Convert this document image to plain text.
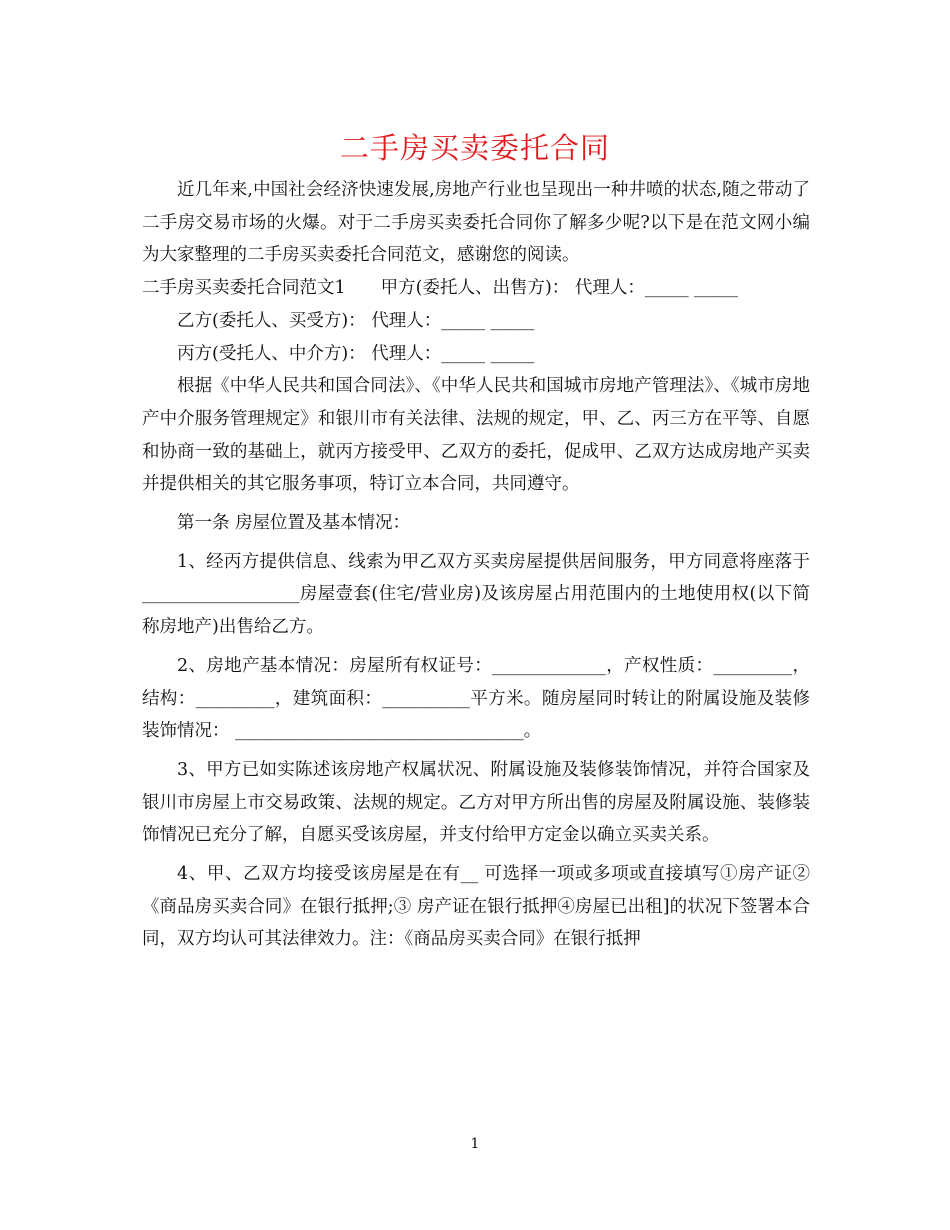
二手房买卖委托合同

近几年来,中国社会经济快速发展,房地产行业也呈现出一种井喷的状态,随之带动了二手房交易市场的火爆。对于二手房买卖委托合同你了解多少呢?以下是在范文网小编为大家整理的二手房买卖委托合同范文，感谢您的阅读。

二手房买卖委托合同范文1　　甲方(委托人、出售方)： 代理人：_____ _____

乙方(委托人、买受方)： 代理人：_____ _____

丙方(受托人、中介方)： 代理人：_____ _____

根据《中华人民共和国合同法》、《中华人民共和国城市房地产管理法》、《城市房地产中介服务管理规定》和银川市有关法律、法规的规定，甲、乙、丙三方在平等、自愿和协商一致的基础上，就丙方接受甲、乙双方的委托，促成甲、乙双方达成房地产买卖并提供相关的其它服务事项，特订立本合同，共同遵守。

第一条 房屋位置及基本情况：

1、经丙方提供信息、线索为甲乙双方买卖房屋提供居间服务，甲方同意将座落于__________________房屋壹套(住宅/营业房)及该房屋占用范围内的土地使用权(以下简称房地产)出售给乙方。

2、房地产基本情况：房屋所有权证号：_____________，产权性质：_________，结构：_________，建筑面积：__________平方米。随房屋同时转让的附属设施及装修装饰情况： _________________________________。

3、甲方已如实陈述该房地产权属状况、附属设施及装修装饰情况，并符合国家及银川市房屋上市交易政策、法规的规定。乙方对甲方所出售的房屋及附属设施、装修装饰情况已充分了解，自愿买受该房屋，并支付给甲方定金以确立买卖关系。

4、甲、乙双方均接受该房屋是在有__ 可选择一项或多项或直接填写①房产证②《商品房买卖合同》在银行抵押;③ 房产证在银行抵押④房屋已出租]的状况下签署本合同，双方均认可其法律效力。注：《商品房买卖合同》在银行抵押

1
